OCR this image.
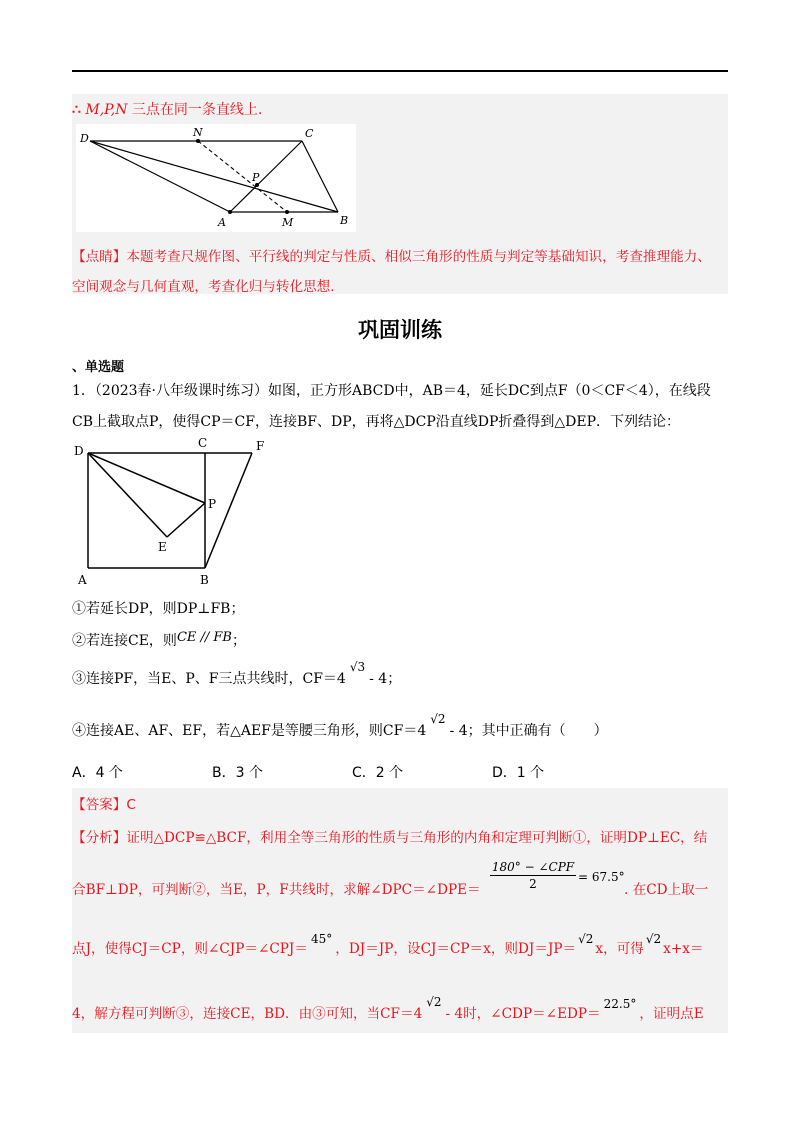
∴ M,P,N 三点在同一条直线上.
D	N	C
P
A	M	B
【点睛】本题考查尺规作图、平行线的判定与性质、相似三角形的性质与判定等基础知识，考查推理能力、
空间观念与几何直观，考查化归与转化思想.
巩固训练
、单选题
1．（2023春·八年级课时练习）如图，正方形ABCD中，AB＝4，延长DC到点F（0＜CF＜4），在线段
CB上截取点P，使得CP＝CF，连接BF、DP，再将△DCP沿直线DP折叠得到△DEP．下列结论：
D
C	F
P
E
A	B
①若延长DP，则DP⊥FB；
②若连接CE，则CE // FB；
③连接PF，当E、P、F三点共线时，CF＝4√3- 4；
④连接AE、AF、EF，若△AEF是等腰三角形，则CF＝4√2- 4；其中正确有（　　）
A．4 个	B．3 个	C．2 个	D．1 个
【答案】C
【分析】证明△DCP≌△BCF，利用全等三角形的性质与三角形的内角和定理可判断①，证明DP⊥EC，结
合BF⊥DP，可判断②，当E，P，F共线时，求解∠DPC＝∠DPE＝
180° − ∠CPF
2	= 67.5°
. 在CD上取一
点J，使得CJ＝CP，则∠CJP＝∠CPJ＝45°，DJ＝JP，设CJ＝CP＝x，则DJ＝JP＝√2x，可得√2x+x＝
4，解方程可判断③，连接CE，BD．由③可知，当CF＝4√2- 4时，∠CDP＝∠EDP＝22.5°，证明点E
